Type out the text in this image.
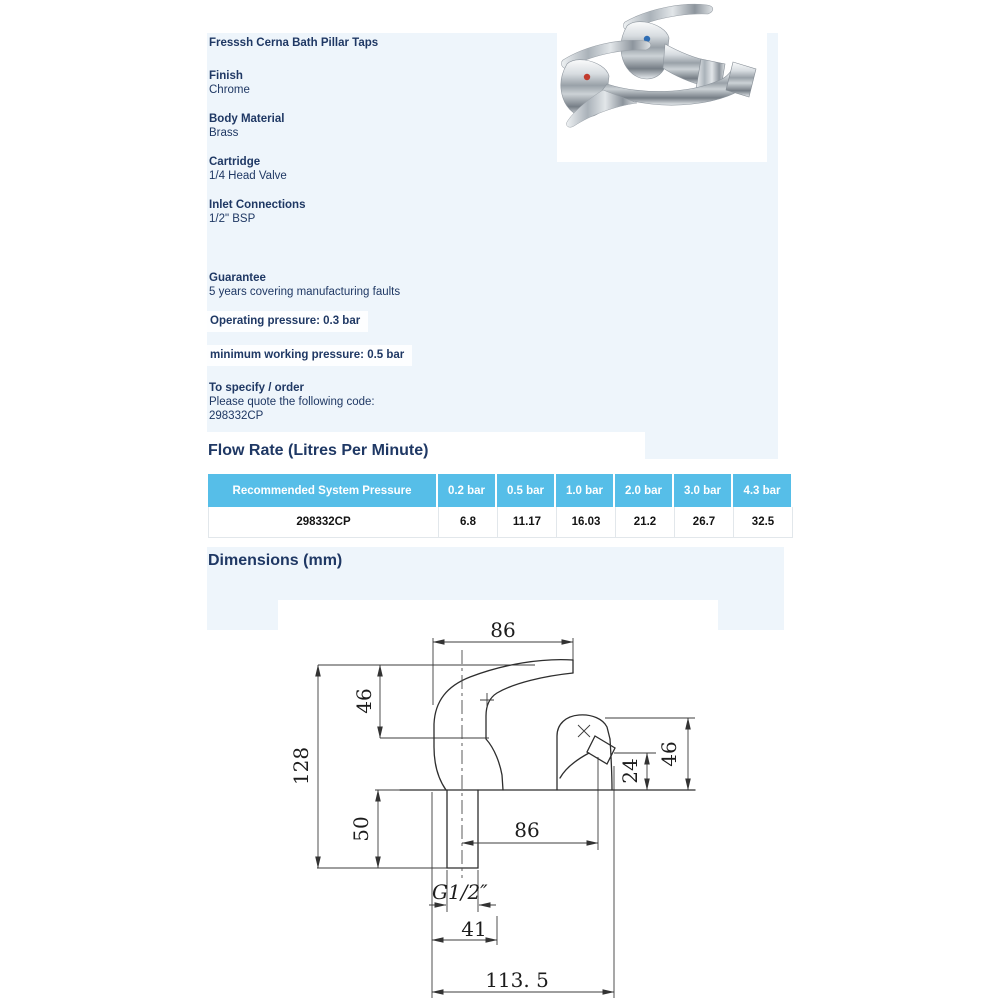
Fresssh Cerna Bath Pillar Taps
Finish
Chrome
Body Material
Brass
Cartridge
1/4 Head Valve
Inlet Connections
1/2" BSP
Guarantee
5 years covering manufacturing faults
Operating pressure: 0.3 bar
minimum working pressure: 0.5 bar
To specify / order
Please quote the following code:
298332CP
Flow Rate (Litres Per Minute)
Dimensions (mm)
Recommended System Pressure	0.2 bar	0.5 bar	1.0 bar	2.0 bar	3.0 bar	4.3 bar
298332CP	6.8	11.17	16.03	21.2	26.7	32.5
86
46
128
50
46
24
86
G1/2″
41
113. 5
